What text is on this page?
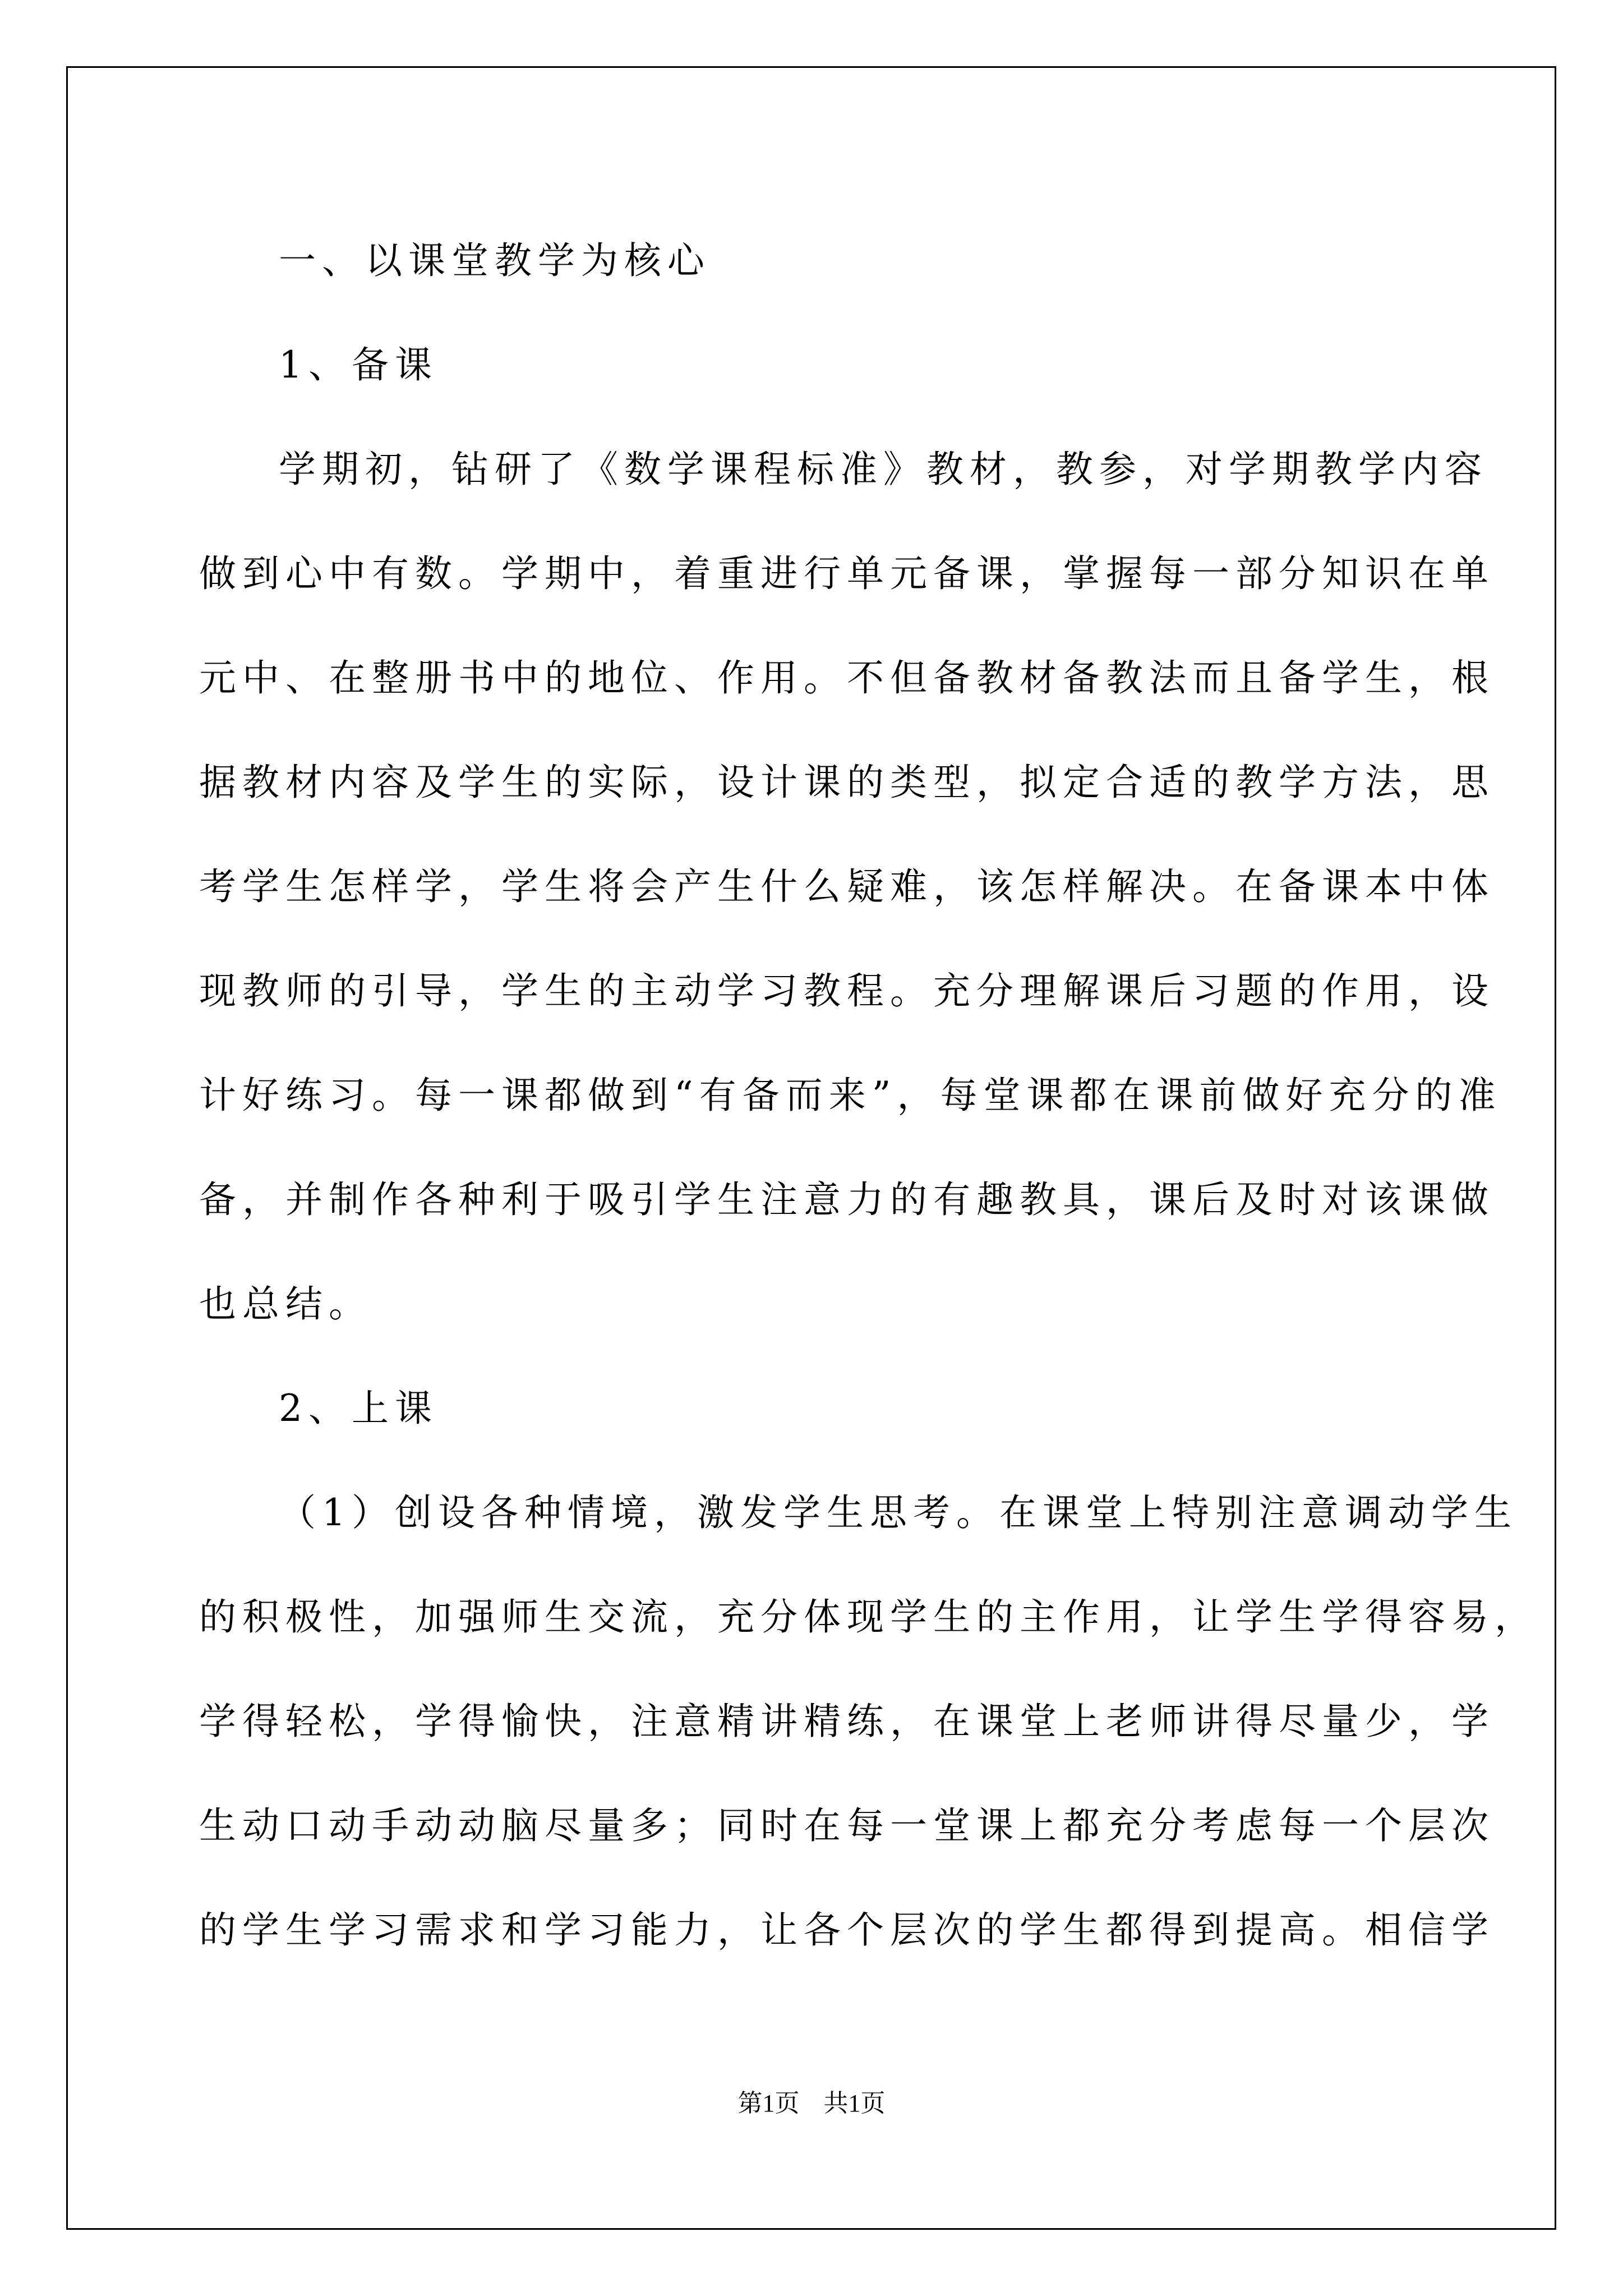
一、以课堂教学为核心
1、备课
学期初，钻研了《数学课程标准》教材，教参，对学期教学内容
做到心中有数。学期中，着重进行单元备课，掌握每一部分知识在单
元中、在整册书中的地位、作用。不但备教材备教法而且备学生，根
据教材内容及学生的实际，设计课的类型，拟定合适的教学方法，思
考学生怎样学，学生将会产生什么疑难，该怎样解决。在备课本中体
现教师的引导，学生的主动学习教程。充分理解课后习题的作用，设
计好练习。每一课都做到“有备而来”，每堂课都在课前做好充分的准
备，并制作各种利于吸引学生注意力的有趣教具，课后及时对该课做
也总结。
2、上课
（1）创设各种情境，激发学生思考。在课堂上特别注意调动学生
的积极性，加强师生交流，充分体现学生的主作用，让学生学得容易，
学得轻松，学得愉快，注意精讲精练，在课堂上老师讲得尽量少，学
生动口动手动动脑尽量多；同时在每一堂课上都充分考虑每一个层次
的学生学习需求和学习能力，让各个层次的学生都得到提高。相信学
第1页 共1页
